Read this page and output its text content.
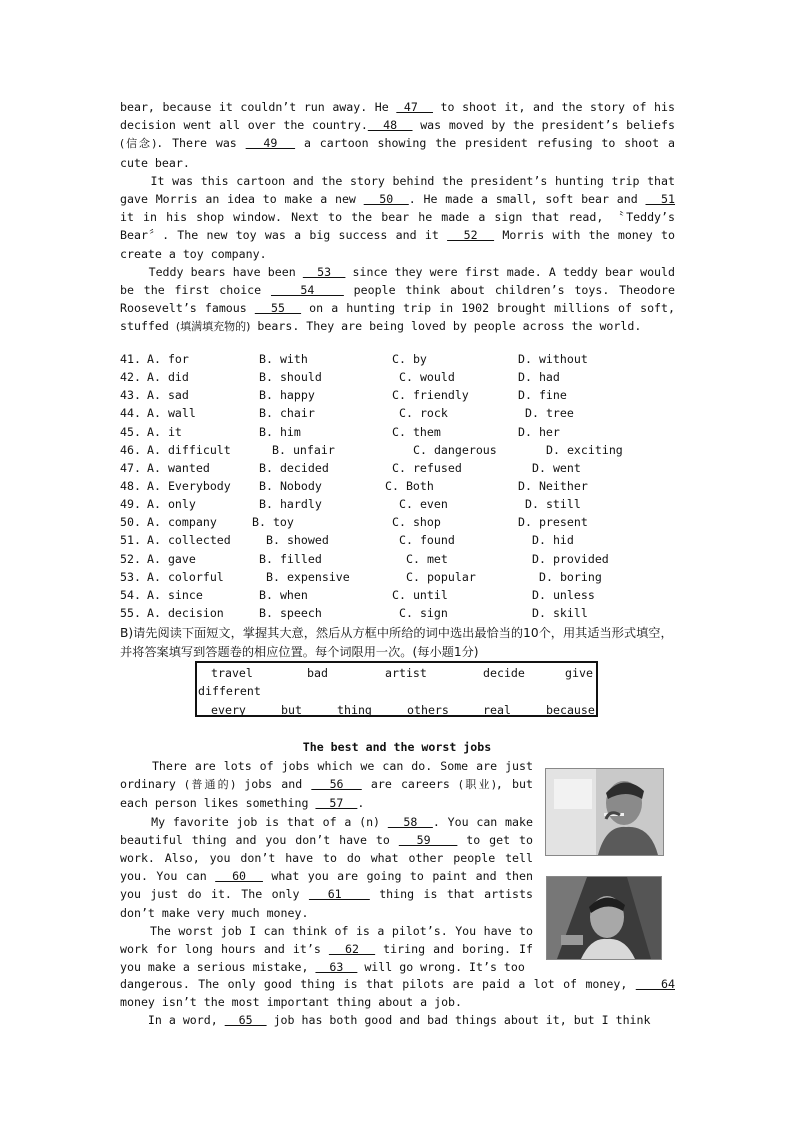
bear, because it couldn’t run away. He  47   to shoot it, and the story of his
decision went all over the country.  48   was moved by the president’s beliefs
(信念). There was   49   a cartoon showing the president refusing to shoot a
cute bear.
It was this cartoon and the story behind the president’s hunting trip that
gave Morris an idea to make a new   50  . He made a small, soft bear and   51
it in his shop window. Next to the bear he made a sign that read, 〝Teddy’s
Bear〞. The new toy was a big success and it   52   Morris with the money to
create a toy company.
Teddy bears have been   53   since they were first made. A teddy bear would
be the first choice    54    people think about children’s toys. Theodore
Roosevelt’s famous   55   on a hunting trip in 1902 brought millions of soft,
stuffed (填满填充物的) bears. They are being loved by people across the world.
41. A. for	B. with	C. by	D. without
42. A. did	B. should	C. would	D. had
43. A. sad	B. happy	C. friendly	D. fine
44. A. wall	B. chair	C. rock	D. tree
45. A. it	B. him	C. them	D. her
46. A. difficult	B. unfair	C. dangerous	D. exciting
47. A. wanted	B. decided	C. refused	D. went
48. A. Everybody B. Nobody	C. Both	D. Neither
49. A. only	B. hardly	C. even	D. still
50. A. company	B. toy	C. shop	D. present
51. A. collected	B. showed	C. found	D. hid
52. A. gave	B. filled	C. met	D. provided
53. A. colorful	B. expensive	C. popular	D. boring
54. A. since	B. when	C. until	D. unless
55. A. decision	B. speech	C. sign	D. skill
B)请先阅读下面短文，掌握其大意，然后从方框中所给的词中选出最恰当的10个，用其适当形式填空，并将答案填写到答题卷的相应位置。每个词限用一次。(每小题1分)
travel	bad	artist	decide	give
different
every	but	thing	others	real	because
The best and the worst jobs
There are lots of jobs which we can do. Some are just
ordinary (普通的) jobs and   56   are careers (职业), but
each person likes something   57  .
My favorite job is that of a (n)   58  . You can make
beautiful thing and you don’t have to   59    to get to
work. Also, you don’t have to do what other people tell
you. You can   60   what you are going to paint and then
you just do it. The only   61    thing is that artists
don’t make very much money.
The worst job I can think of is a pilot’s. You have to
work for long hours and it’s   62   tiring and boring. If
you make a serious mistake,   63   will go wrong. It’s too
dangerous. The only good thing is that pilots are paid a lot of money,    64
money isn’t the most important thing about a job.
In a word,   65   job has both good and bad things about it, but I think
